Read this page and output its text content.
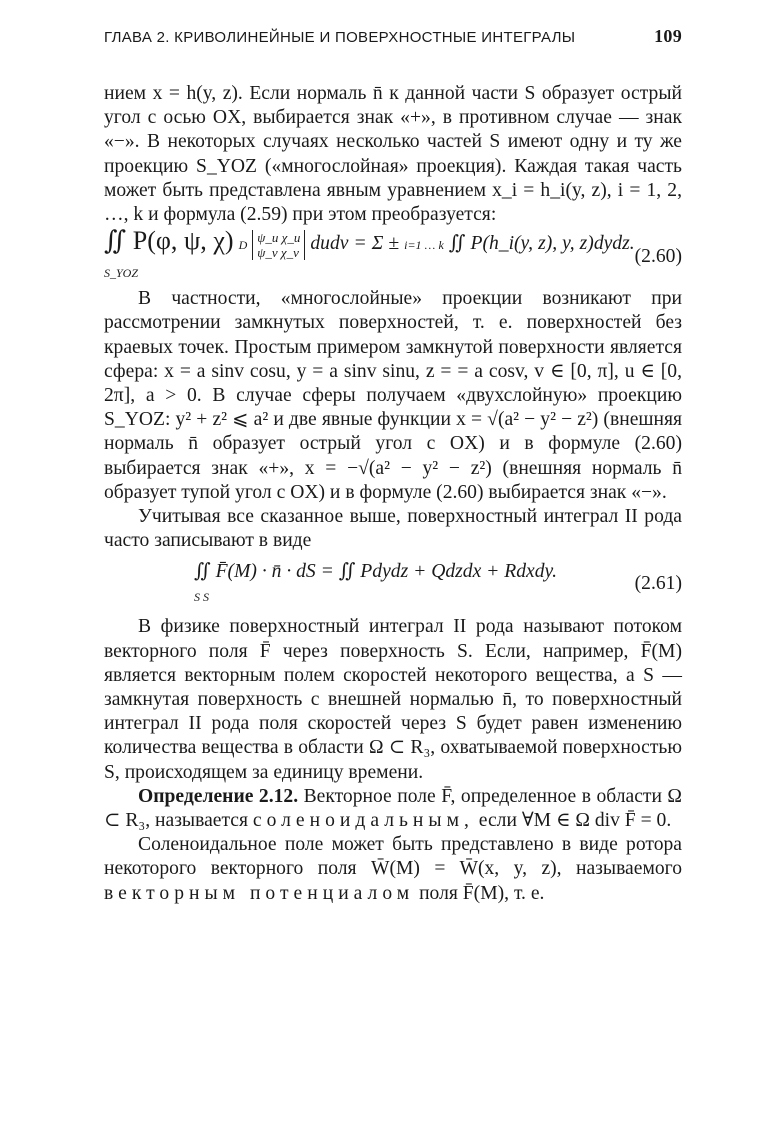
ГЛАВА 2. КРИВОЛИНЕЙНЫЕ И ПОВЕРХНОСТНЫЕ ИНТЕГРАЛЫ	109

нием x = h(y, z). Если нормаль n̄ к данной части S образует острый угол с осью OX, выбирается знак «+», в противном случае — знак «−». В некоторых случаях несколько частей S имеют одну и ту же проекцию S_YOZ («многослойная» проекция). Каждая такая часть может быть представлена явным уравнением x_i = h_i(y, z), i = 1, 2, …, k и формула (2.59) при этом преобразуется:

∬ P(φ, ψ, χ) D ψ_u χ_u
ψ_v χ_v dudv = Σ ± i=1 … k ∬ P(h_i(y, z), y, z)dydz. S_YOZ
(2.60)

В частности, «многослойные» проекции возникают при рассмотрении замкнутых поверхностей, т. е. поверхностей без краевых точек. Простым примером замкнутой поверхности является сфера: x = a sinv cosu, y = a sinv sinu, z = = a cosv, v ∈ [0, π], u ∈ [0, 2π], a > 0. В случае сферы получаем «двухслойную» проекцию S_YOZ: y² + z² ⩽ a² и две явные функции x = √(a² − y² − z²) (внешняя нормаль n̄ образует острый угол с OX) и в формуле (2.60) выбирается знак «+», x = −√(a² − y² − z²) (внешняя нормаль n̄ образует тупой угол с OX) и в формуле (2.60) выбирается знак «−».

Учитывая все сказанное выше, поверхностный интеграл II рода часто записывают в виде

∬ F̄(M) · n̄ · dS = ∬ Pdydz + Qdzdx + Rdxdy.
S S
(2.61)

В физике поверхностный интеграл II рода называют потоком векторного поля F̄ через поверхность S. Если, например, F̄(M) является векторным полем скоростей некоторого вещества, а S — замкнутая поверхность с внешней нормалью n̄, то поверхностный интеграл II рода поля скоростей через S будет равен изменению количества вещества в области Ω ⊂ R₃, охватываемой поверхностью S, происходящем за единицу времени.

Определение 2.12. Векторное поле F̄, определенное в области Ω ⊂ R₃, называется соленоидальным, если ∀M ∈ Ω div F̄ = 0.

Соленоидальное поле может быть представлено в виде ротора некоторого векторного поля W̄(M) = W̄(x, y, z), называемого векторным потенциалом поля F̄(M), т. е.
